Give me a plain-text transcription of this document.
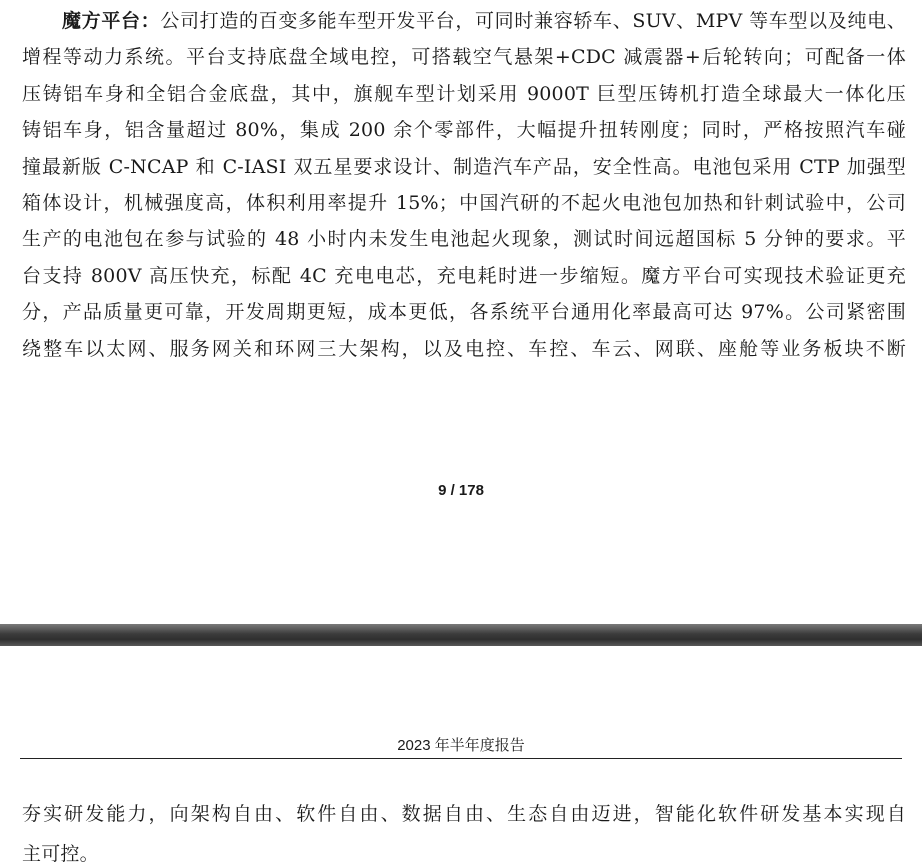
魔方平台：公司打造的百变多能车型开发平台，可同时兼容轿车、SUV、MPV 等车型以及纯电、
增程等动力系统。平台支持底盘全域电控，可搭载空气悬架+CDC 减震器+后轮转向；可配备一体
压铸铝车身和全铝合金底盘，其中，旗舰车型计划采用 9000T 巨型压铸机打造全球最大一体化压
铸铝车身，铝含量超过 80%，集成 200 余个零部件，大幅提升扭转刚度；同时，严格按照汽车碰
撞最新版 C-NCAP 和 C-IASI 双五星要求设计、制造汽车产品，安全性高。电池包采用 CTP 加强型
箱体设计，机械强度高，体积利用率提升 15%；中国汽研的不起火电池包加热和针刺试验中，公司
生产的电池包在参与试验的 48 小时内未发生电池起火现象，测试时间远超国标 5 分钟的要求。平
台支持 800V 高压快充，标配 4C 充电电芯，充电耗时进一步缩短。魔方平台可实现技术验证更充
分，产品质量更可靠，开发周期更短，成本更低，各系统平台通用化率最高可达 97%。公司紧密围
绕整车以太网、服务网关和环网三大架构，以及电控、车控、车云、网联、座舱等业务板块不断
9 / 178
2023 年半年度报告
夯实研发能力，向架构自由、软件自由、数据自由、生态自由迈进，智能化软件研发基本实现自
主可控。
